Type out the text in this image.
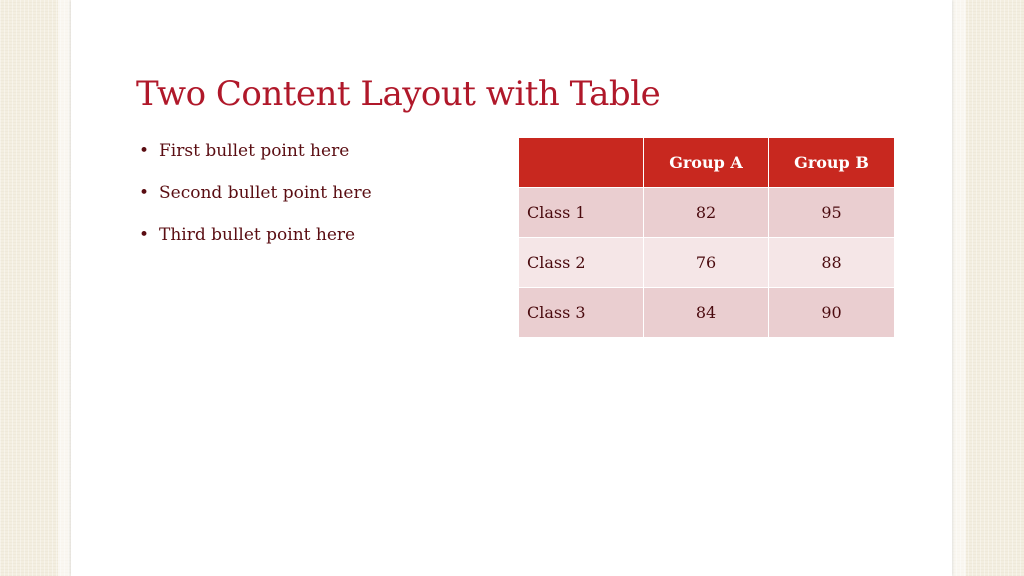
Two Content Layout with Table
• First bullet point here
• Second bullet point here
• Third bullet point here
	Group A	Group B
Class 1	82	95
Class 2	76	88
Class 3	84	90
